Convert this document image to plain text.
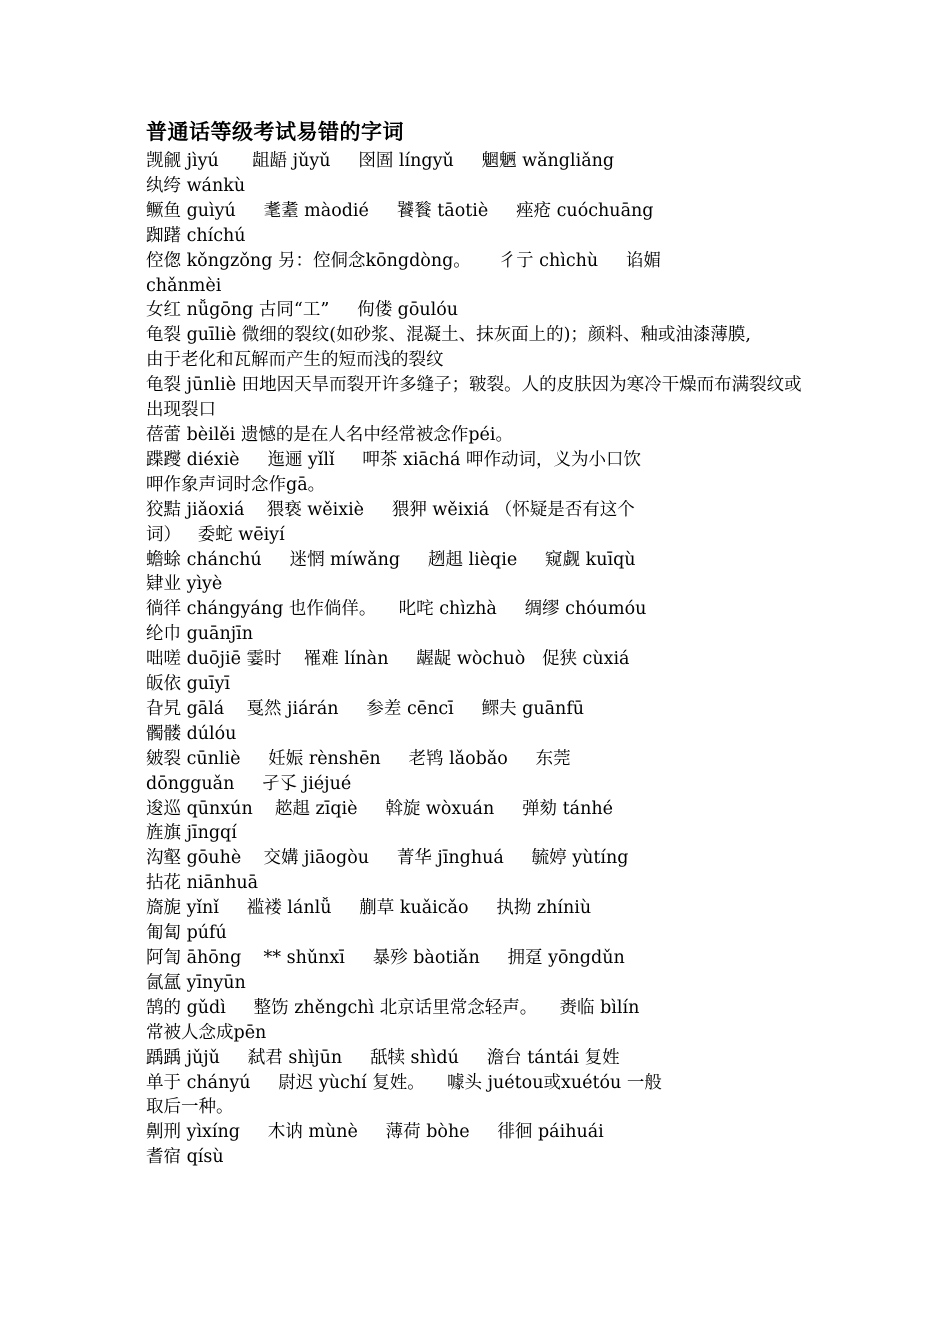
普通话等级考试易错的字词
觊觎 jìyú      龃龉 jǔyǔ     囹圄 língyǔ     魍魉 wǎngliǎng
纨绔 wánkù
鳜鱼 guìyú     耄耋 màodié     饕餮 tāotiè     痤疮 cuóchuāng
踟躇 chíchú
倥偬 kǒngzǒng 另：倥侗念kōngdòng。     彳亍 chìchù     谄媚
chǎnmèi
女红 nǚgōng 古同“工”     佝偻 gōulóu
龟裂 guīliè 微细的裂纹(如砂浆、混凝土、抹灰面上的)；颜料、釉或油漆薄膜,
由于老化和瓦解而产生的短而浅的裂纹
龟裂 jūnliè 田地因天旱而裂开许多缝子；皲裂。人的皮肤因为寒冷干燥而布满裂纹或出现裂口
蓓蕾 bèilěi 遗憾的是在人名中经常被念作péi。
蹀躞 diéxiè     迤逦 yǐlǐ     呷茶 xiāchá 呷作动词，义为小口饮
呷作象声词时念作gā。
狡黠 jiǎoxiá    猥亵 wěixiè     猥狎 wěixiá （怀疑是否有这个
词）   委蛇 wēiyí
蟾蜍 chánchú     迷惘 míwǎng     趔趄 lièqie     窥觑 kuīqù
肄业 yìyè
徜徉 chángyáng 也作倘佯。    叱咤 chìzhà     绸缪 chóumóu
纶巾 guānjīn
咄嗟 duōjiē 霎时    罹难 línàn     龌龊 wòchuò   促狭 cùxiá
皈依 guīyī
旮旯 gālá    戛然 jiárán     参差 cēncī     鳏夫 guānfū
髑髅 dúlóu
皴裂 cūnliè     妊娠 rènshēn     老鸨 lǎobǎo     东莞
dōngguǎn     孑孓 jiéjué
逡巡 qūnxún    趑趄 zīqiè     斡旋 wòxuán     弹劾 tánhé
旌旗 jīngqí
沟壑 gōuhè    交媾 jiāogòu     菁华 jīnghuá     毓婷 yùtíng
拈花 niānhuā
旖旎 yǐnǐ     褴褛 lánlǚ     蒯草 kuǎicǎo     执拗 zhíniù
匍匐 púfú
阿訇 āhōng    ** shǔnxī     暴殄 bàotiǎn     拥趸 yōngdǔn
氤氲 yīnyūn
鹄的 gǔdì     整饬 zhěngchì 北京话里常念轻声。    赉临 bìlín
常被人念成pēn
踽踽 jǔjǔ     弑君 shìjūn     舐犊 shìdú     澹台 tántái 复姓
单于 chányú     尉迟 yùchí 复姓。    噱头 juétou或xuétóu 一般
取后一种。
劓刑 yìxíng     木讷 mùnè     薄荷 bòhe     徘徊 páihuái
耆宿 qísù
